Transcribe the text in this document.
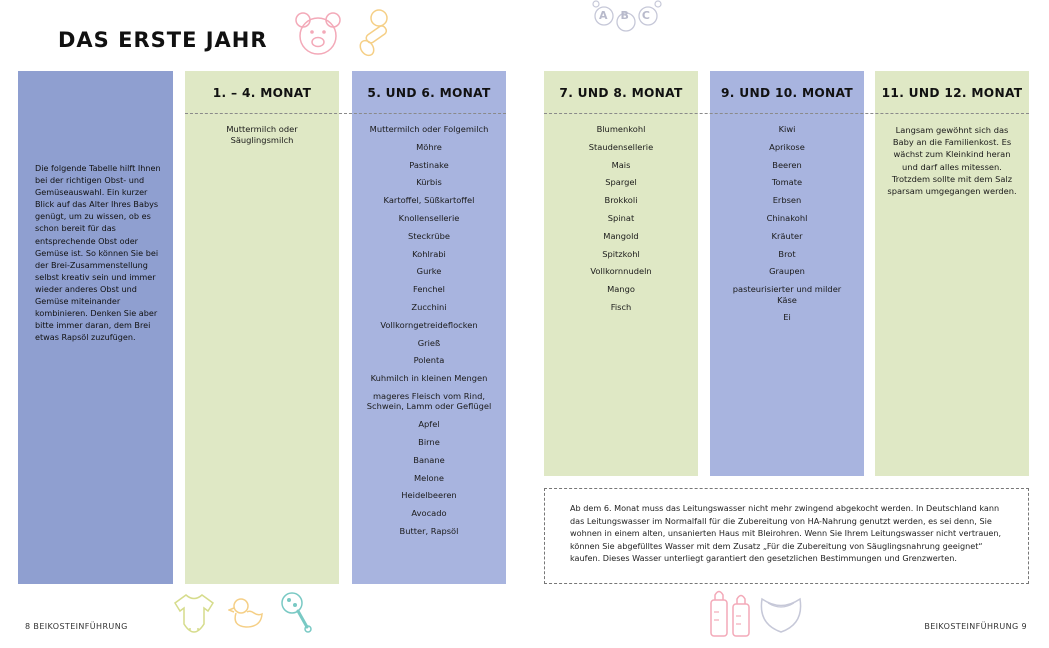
DAS ERSTE JAHR
ABC
Die folgende Tabelle hilft Ihnen bei der richtigen Obst- und Gemüseauswahl. Ein kurzer Blick auf das Alter Ihres Babys genügt, um zu wissen, ob es schon bereit für das entsprechende Obst oder Gemüse ist. So können Sie bei der Brei-Zusammenstellung selbst kreativ sein und immer wieder anderes Obst und Gemüse miteinander kombinieren. Denken Sie aber bitte immer daran, dem Brei etwas Rapsöl zuzufügen.
1. – 4. MONAT
Muttermilch oder Säuglingsmilch
5. UND 6. MONAT
Muttermilch oder Folgemilch
Möhre
Pastinake
Kürbis
Kartoffel, Süßkartoffel
Knollensellerie
Steckrübe
Kohlrabi
Gurke
Fenchel
Zucchini
Vollkorngetreideflocken
Grieß
Polenta
Kuhmilch in kleinen Mengen
mageres Fleisch vom Rind, Schwein, Lamm oder Geflügel
Apfel
Birne
Banane
Melone
Heidelbeeren
Avocado
Butter, Rapsöl
7. UND 8. MONAT
Blumenkohl
Staudensellerie
Mais
Spargel
Brokkoli
Spinat
Mangold
Spitzkohl
Vollkornnudeln
Mango
Fisch
9. UND 10. MONAT
Kiwi
Aprikose
Beeren
Tomate
Erbsen
Chinakohl
Kräuter
Brot
Graupen
pasteurisierter und milder Käse
Ei
11. UND 12. MONAT
Langsam gewöhnt sich das Baby an die Familienkost. Es wächst zum Kleinkind heran und darf alles mitessen. Trotzdem sollte mit dem Salz sparsam umgegangen werden.
Ab dem 6. Monat muss das Leitungswasser nicht mehr zwingend abgekocht werden. In Deutschland kann das Leitungswasser im Normalfall für die Zubereitung von HA-Nahrung genutzt werden, es sei denn, Sie wohnen in einem alten, unsanierten Haus mit Bleirohren. Wenn Sie Ihrem Leitungswasser nicht vertrauen, können Sie abgefülltes Wasser mit dem Zusatz „Für die Zubereitung von Säuglingsnahrung geeignet“ kaufen. Dieses Wasser unterliegt garantiert den gesetzlichen Bestimmungen und Grenzwerten.
8 BEIKOSTEINFÜHRUNG	BEIKOSTEINFÜHRUNG 9
